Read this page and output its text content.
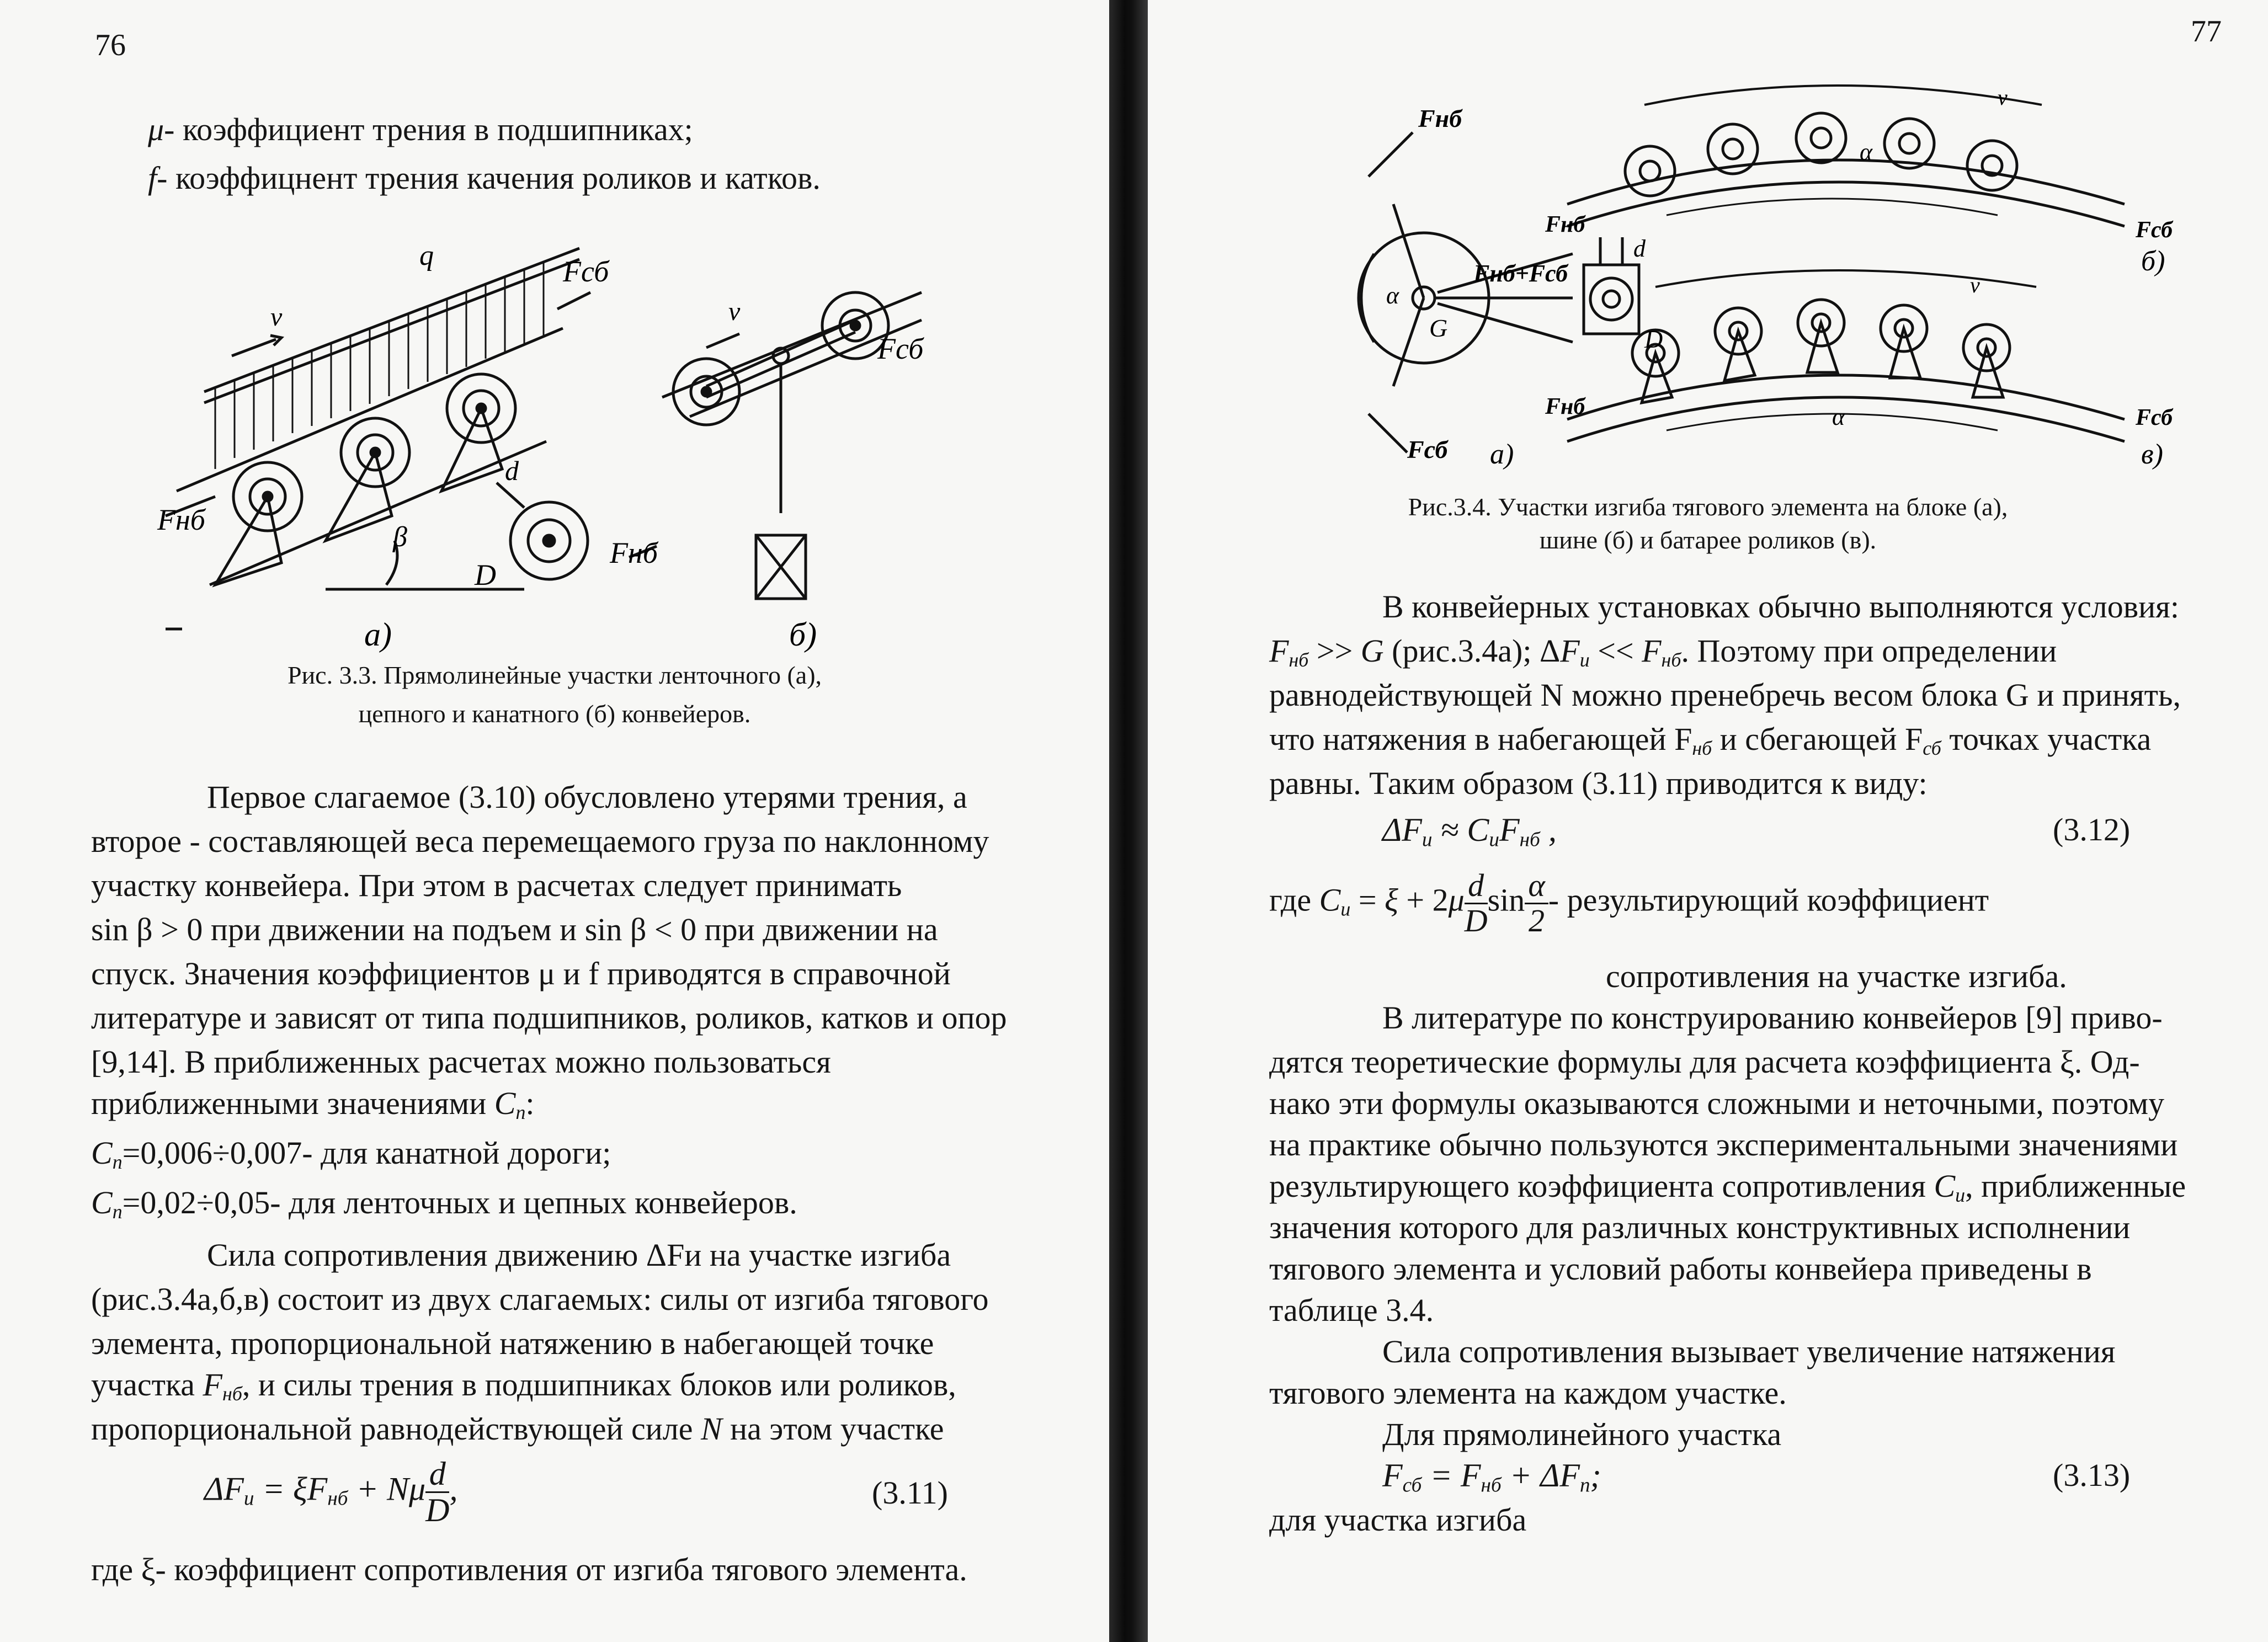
76
μ- коэффициент трения в подшипниках;
f- коэффицнент трения качения роликов и катков.
q	Fсб
v
Fнб
β
d
D
v
Fсб
Fнб
а)	б)
Рис. 3.3. Прямолинейные участки ленточного (а),
цепного и канатного (б) конвейеров.
Первое слагаемое (3.10) обусловлено утерями трения, а
второе - составляющей веса перемещаемого груза по наклонному
участку конвейера. При этом в расчетах следует принимать
sin β > 0 при движении на подъем и sin β < 0 при движении на
спуск. Значения коэффициентов μ и f приводятся в справочной
литературе и зависят от типа подшипников, роликов, катков и опор
[9,14]. В приближенных расчетах можно пользоваться
приближенными значениями $C_п$:
$C_п=0,006\div 0,007-$ для канатной дороги;
$C_п=0,02\div 0,05-$ для ленточных и цепных конвейеров.
Сила сопротивления движению ΔFи на участке изгиба
(рис.3.4а,б,в) состоит из двух слагаемых: силы от изгиба тягового
элемента, пропорциональной натяжению в набегающей точке
участка $F_{нб}$, и силы трения в подшипниках блоков или роликов,
пропорциональной равнодействующей силе N на этом участке
$\Delta F_и = \xi F_{нб} + N\mu \frac{d}{D}$ ,	(3.11)
где ξ- коэффициент сопротивления от изгиба тягового элемента.
77
Fнб
Fсб
Fнб+Fсб
α
G
d
D
v
α
Fнб	Fсб
б)
v
α
Fнб	Fсб
в)
а)
Рис.3.4. Участки изгиба тягового элемента на блоке (а),
шине (б) и батарее роликов (в).
В конвейерных установках обычно выполняются условия:
$F_{нб} >> G$ (рис.3.4а); $\Delta F_и << F_{нб}$. Поэтому при определении
равнодействующей N можно пренебречь весом блока G и принять,
что натяжения в набегающей $F_{нб}$ и сбегающей $F_{сб}$ точках участка
равны. Таким образом (3.11) приводится к виду:
$\Delta F_и \approx C_иF_{нб}$ ,	(3.12)
где $C_и = \xi + 2\mu \frac{d}{D}$ $\sin \frac{\alpha}{2}$ - результирующий коэффициент
сопротивления на участке изгиба.
В литературе по конструированию конвейеров [9] приво-
дятся теоретические формулы для расчета коэффициента ξ. Од-
нако эти формулы оказываются сложными и неточными, поэтому
на практике обычно пользуются экспериментальными значениями
результирующего коэффициента сопротивления $C_и$, приближенные
значения которого для различных конструктивных исполнении
тягового элемента и условий работы конвейера приведены в
таблице 3.4.
Сила сопротивления вызывает увеличение натяжения
тягового элемента на каждом участке.
Для прямолинейного участка
$F_{сб} = F_{нб} + \Delta F_п$;	(3.13)
для участка изгиба
